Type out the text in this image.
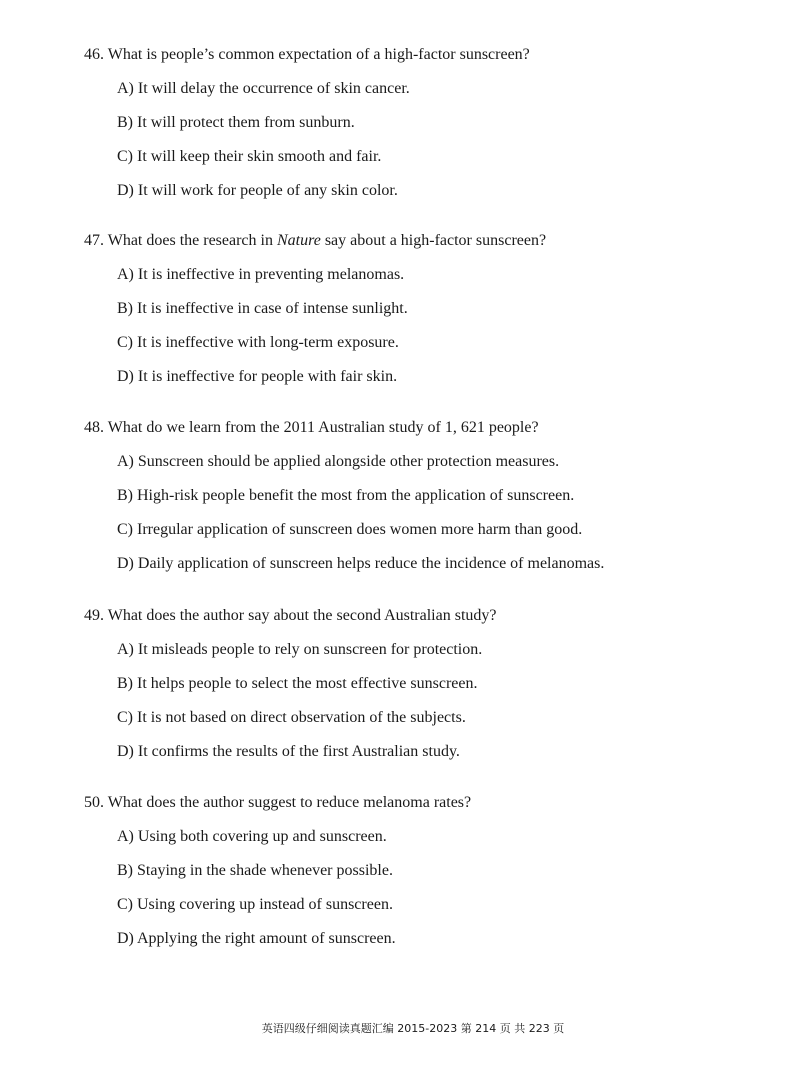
46. What is people’s common expectation of a high-factor sunscreen?

A) It will delay the occurrence of skin cancer.

B) It will protect them from sunburn.

C) It will keep their skin smooth and fair.

D) It will work for people of any skin color.

47. What does the research in Nature say about a high-factor sunscreen?

A) It is ineffective in preventing melanomas.

B) It is ineffective in case of intense sunlight.

C) It is ineffective with long-term exposure.

D) It is ineffective for people with fair skin.

48. What do we learn from the 2011 Australian study of 1, 621 people?

A) Sunscreen should be applied alongside other protection measures.

B) High-risk people benefit the most from the application of sunscreen.

C) Irregular application of sunscreen does women more harm than good.

D) Daily application of sunscreen helps reduce the incidence of melanomas.

49. What does the author say about the second Australian study?

A) It misleads people to rely on sunscreen for protection.

B) It helps people to select the most effective sunscreen.

C) It is not based on direct observation of the subjects.

D) It confirms the results of the first Australian study.

50. What does the author suggest to reduce melanoma rates?

A) Using both covering up and sunscreen.

B) Staying in the shade whenever possible.

C) Using covering up instead of sunscreen.

D) Applying the right amount of sunscreen.

英语四级仔细阅读真题汇编 2015-2023 第 214 页 共 223 页
